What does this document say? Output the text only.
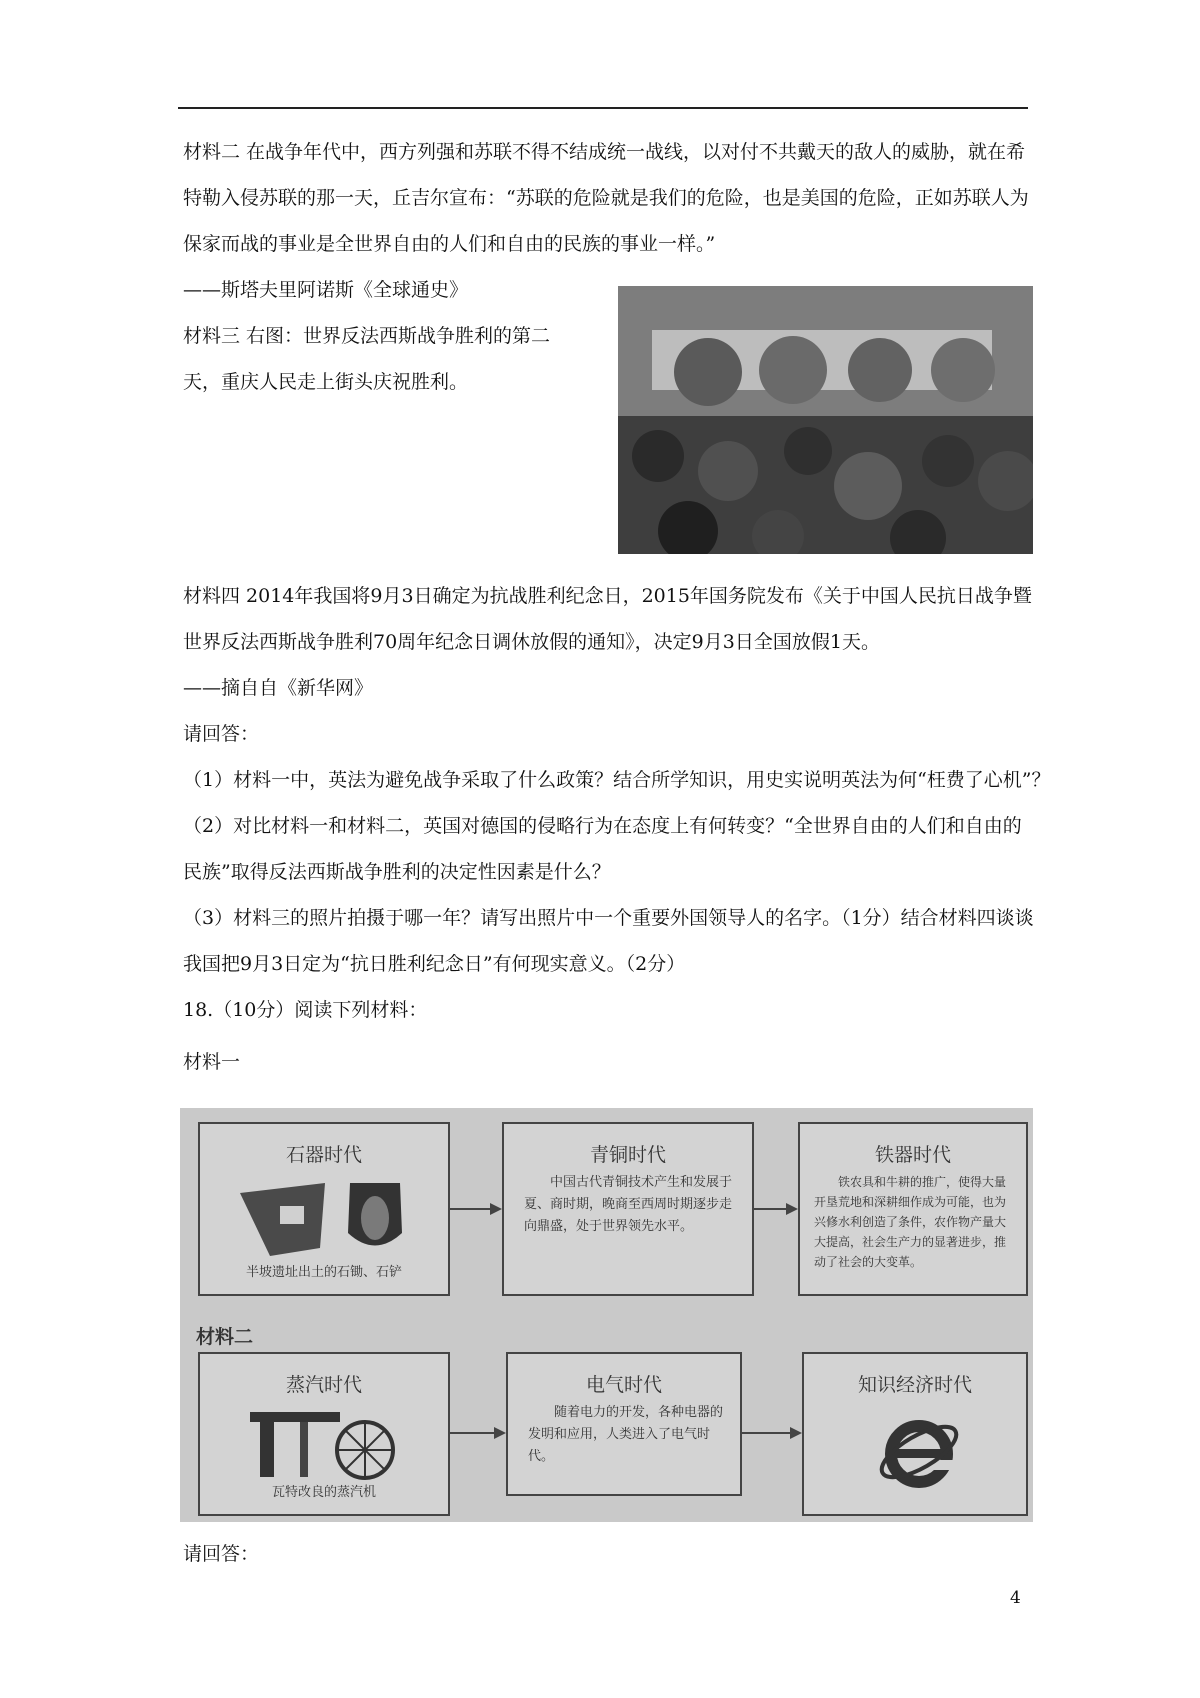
材料二 在战争年代中，西方列强和苏联不得不结成统一战线，以对付不共戴天的敌人的威胁，就在希
特勒入侵苏联的那一天，丘吉尔宣布：“苏联的危险就是我们的危险，也是美国的危险，正如苏联人为
保家而战的事业是全世界自由的人们和自由的民族的事业一样。”
——斯塔夫里阿诺斯《全球通史》
材料三 右图：世界反法西斯战争胜利的第二
天，重庆人民走上街头庆祝胜利。
材料四 2014年我国将9月3日确定为抗战胜利纪念日，2015年国务院发布《关于中国人民抗日战争暨
世界反法西斯战争胜利70周年纪念日调休放假的通知》，决定9月3日全国放假1天。
——摘自自《新华网》
请回答：
（1）材料一中，英法为避免战争采取了什么政策？结合所学知识，用史实说明英法为何“枉费了心机”？
（2）对比材料一和材料二，英国对德国的侵略行为在态度上有何转变？“全世界自由的人们和自由的
民族”取得反法西斯战争胜利的决定性因素是什么？
（3）材料三的照片拍摄于哪一年？请写出照片中一个重要外国领导人的名字。（1分）结合材料四谈谈
我国把9月3日定为“抗日胜利纪念日”有何现实意义。（2分）
18.（10分）阅读下列材料：
材料一
石器时代
半坡遗址出土的石锄、石铲
青铜时代
中国古代青铜技术产生和发展于夏、商时期，晚商至西周时期逐步走向鼎盛，处于世界领先水平。
铁器时代
铁农具和牛耕的推广，使得大量开垦荒地和深耕细作成为可能，也为兴修水利创造了条件，农作物产量大大提高，社会生产力的显著进步，推动了社会的大变革。
材料二
蒸汽时代
瓦特改良的蒸汽机
电气时代
随着电力的开发，各种电器的发明和应用，人类进入了电气时代。
知识经济时代
请回答：
4
